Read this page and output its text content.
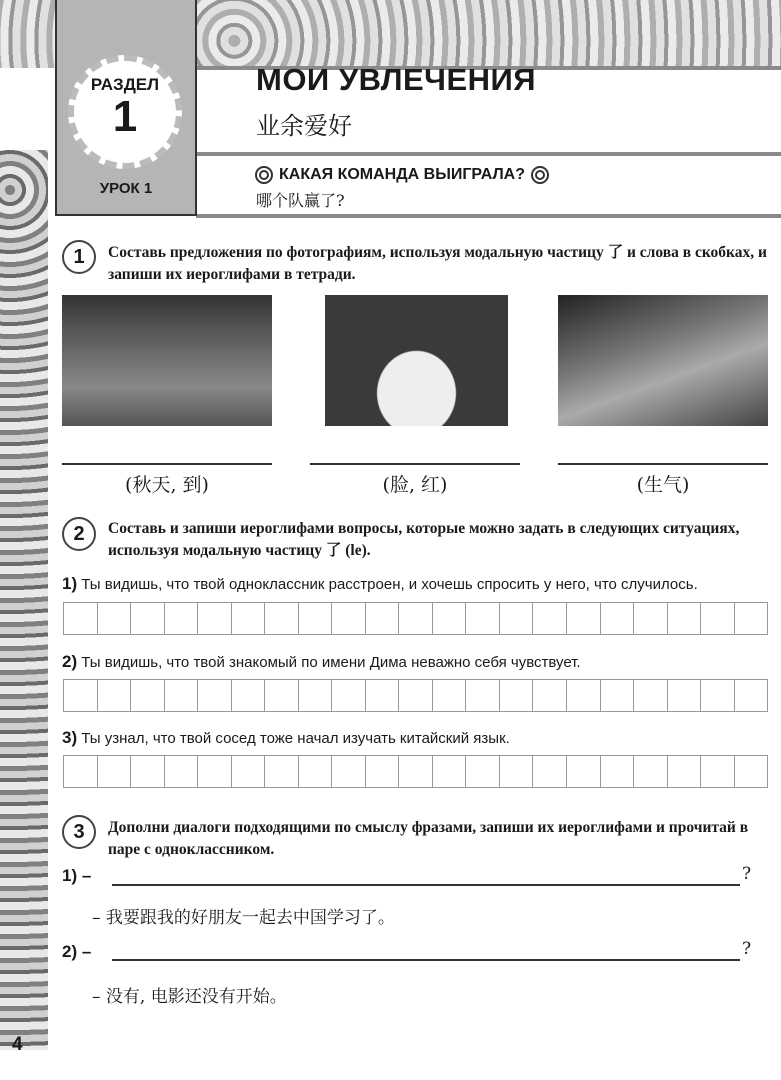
РАЗДЕЛ
1
УРОК 1
МОИ УВЛЕЧЕНИЯ
业余爱好
КАКАЯ КОМАНДА ВЫИГРАЛА?
哪个队赢了?
1	Составь предложения по фотографиям, используя модальную частицу 了 и слова в скобках, и запиши их иероглифами в тетради.
(秋天, 到)	(脸, 红)	(生气)
2	Составь и запиши иероглифами вопросы, которые можно задать в следующих ситуациях, используя модальную частицу 了 (le).
1) Ты видишь, что твой одноклассник расстроен, и хочешь спросить у него, что случилось.
2) Ты видишь, что твой знакомый по имени Дима неважно себя чувствует.
3) Ты узнал, что твой сосед тоже начал изучать китайский язык.
3	Дополни диалоги подходящими по смыслу фразами, запиши их иероглифами и прочитай в паре с одноклассником.
1) –	?
– 我要跟我的好朋友一起去中国学习了。
2) –	?
– 没有, 电影还没有开始。
4
